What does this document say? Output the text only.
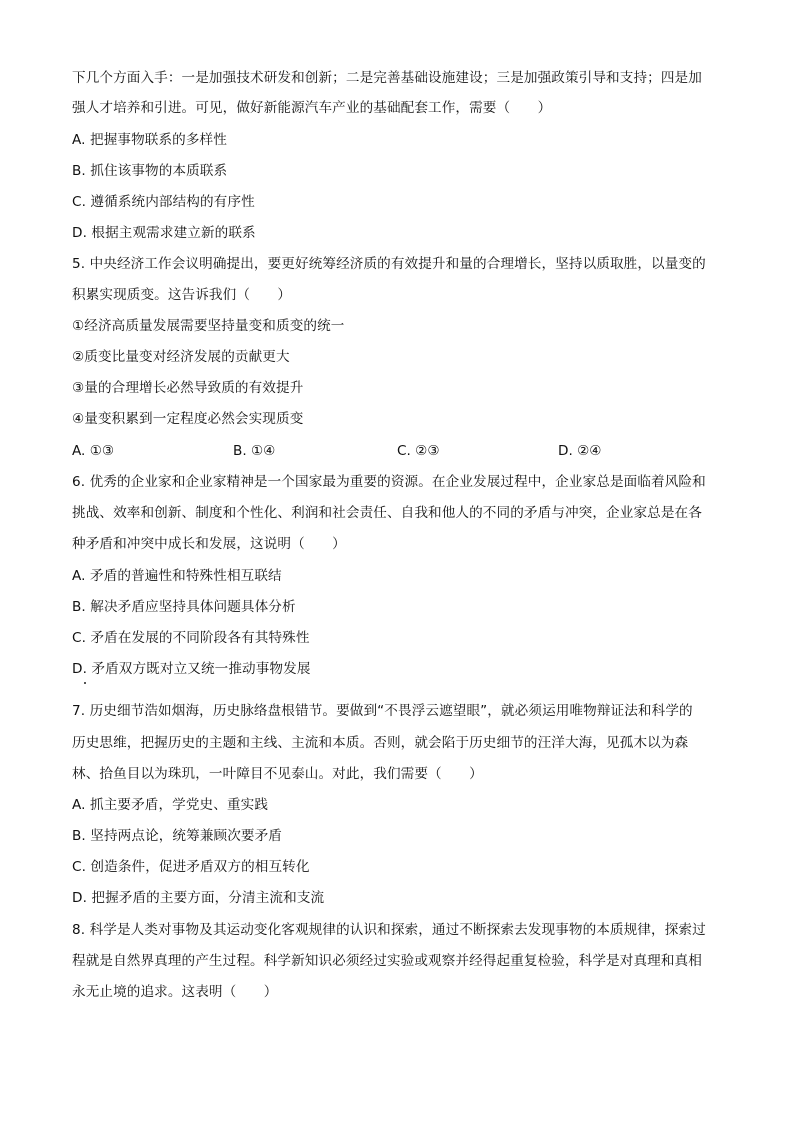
下几个方面入手：一是加强技术研发和创新；二是完善基础设施建设；三是加强政策引导和支持；四是加
强人才培养和引进。可见，做好新能源汽车产业的基础配套工作，需要（　　）
A. 把握事物联系的多样性
B. 抓住该事物的本质联系
C. 遵循系统内部结构的有序性
D. 根据主观需求建立新的联系
5. 中央经济工作会议明确提出，要更好统筹经济质的有效提升和量的合理增长，坚持以质取胜，以量变的
积累实现质变。这告诉我们（　　）
①经济高质量发展需要坚持量变和质变的统一
②质变比量变对经济发展的贡献更大
③量的合理增长必然导致质的有效提升
④量变积累到一定程度必然会实现质变
A. ①③	B. ①④	C. ②③	D. ②④
6. 优秀的企业家和企业家精神是一个国家最为重要的资源。在企业发展过程中，企业家总是面临着风险和
挑战、效率和创新、制度和个性化、利润和社会责任、自我和他人的不同的矛盾与冲突，企业家总是在各
种矛盾和冲突中成长和发展，这说明（　　）
A. 矛盾的普遍性和特殊性相互联结
B. 解决矛盾应坚持具体问题具体分析
C. 矛盾在发展的不同阶段各有其特殊性
D. 矛盾双方既对立又统一推动事物发展
7. 历史细节浩如烟海，历史脉络盘根错节。要做到“不畏浮云遮望眼”，就必须运用唯物辩证法和科学的
历史思维，把握历史的主题和主线、主流和本质。否则，就会陷于历史细节的汪洋大海，见孤木以为森
林、拾鱼目以为珠玑，一叶障目不见泰山。对此，我们需要（　　）
A. 抓主要矛盾，学党史、重实践
B. 坚持两点论，统筹兼顾次要矛盾
C. 创造条件，促进矛盾双方的相互转化
D. 把握矛盾的主要方面，分清主流和支流
8. 科学是人类对事物及其运动变化客观规律的认识和探索，通过不断探索去发现事物的本质规律，探索过
程就是自然界真理的产生过程。科学新知识必须经过实验或观察并经得起重复检验，科学是对真理和真相
永无止境的追求。这表明（　　）
